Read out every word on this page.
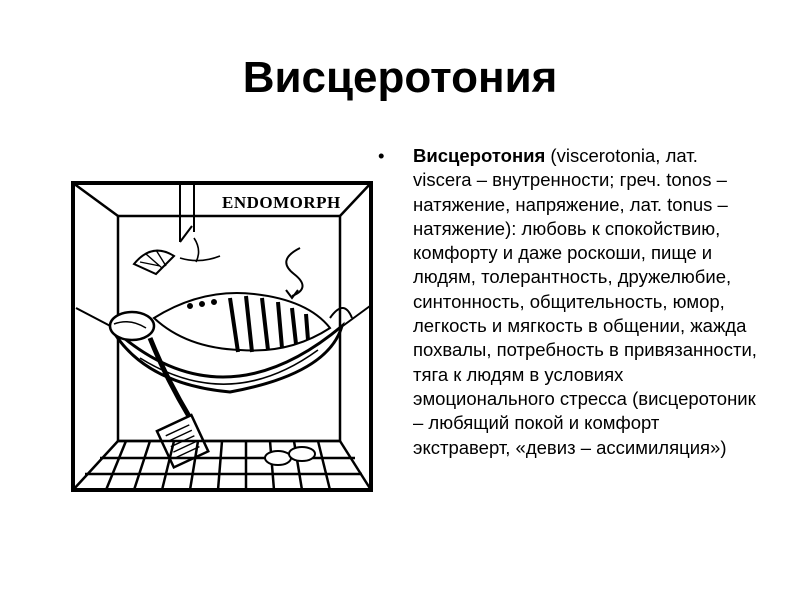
Висцеротония
ENDOMORPH
•	Висцеротония (viscerotonia, лат. viscera – внутренности; греч. tonos – натяжение, напряжение, лат. tonus – натяжение): любовь к спокойствию, комфорту и даже роскоши, пище и людям, толерантность, дружелюбие, синтонность, общительность, юмор, легкость и мягкость в общении, жажда похвалы, потребность в привязанности, тяга к людям в условиях эмоционального стресса (висцеротоник – любящий покой и комфорт экстраверт, «девиз – ассимиляция»)
